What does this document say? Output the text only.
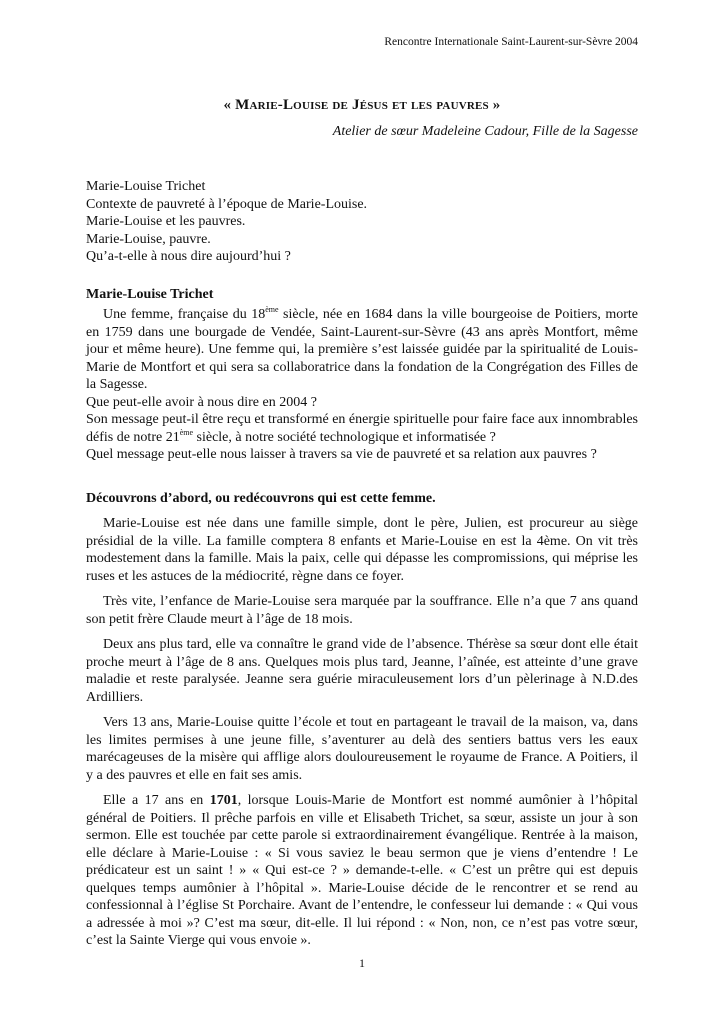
Rencontre Internationale Saint-Laurent-sur-Sèvre 2004
« Marie-Louise de Jésus et les pauvres »
Atelier de sœur Madeleine Cadour, Fille de la Sagesse
Marie-Louise Trichet
Contexte de pauvreté à l’époque de Marie-Louise.
Marie-Louise et les pauvres.
Marie-Louise, pauvre.
Qu’a-t-elle à nous dire aujourd’hui ?
Marie-Louise Trichet

Une femme, française du 18ème siècle, née en 1684 dans la ville bourgeoise de Poitiers, morte en 1759 dans une bourgade de Vendée, Saint-Laurent-sur-Sèvre (43 ans après Montfort, même jour et même heure). Une femme qui, la première s’est laissée guidée par la spiritualité de Louis-Marie de Montfort et qui sera sa collaboratrice dans la fondation de la Congrégation des Filles de la Sagesse.

Que peut-elle avoir à nous dire en 2004 ?

Son message peut-il être reçu et transformé en énergie spirituelle pour faire face aux innombrables défis de notre 21ème siècle, à notre société technologique et informatisée ?

Quel message peut-elle nous laisser à travers sa vie de pauvreté et sa relation aux pauvres ?

Découvrons d’abord, ou redécouvrons qui est cette femme.

Marie-Louise est née dans une famille simple, dont le père, Julien, est procureur au siège présidial de la ville. La famille comptera 8 enfants et Marie-Louise en est la 4ème. On vit très modestement dans la famille. Mais la paix, celle qui dépasse les compromissions, qui méprise les ruses et les astuces de la médiocrité, règne dans ce foyer.

Très vite, l’enfance de Marie-Louise sera marquée par la souffrance. Elle n’a que 7 ans quand son petit frère Claude meurt à l’âge de 18 mois.

Deux ans plus tard, elle va connaître le grand vide de l’absence. Thérèse sa sœur dont elle était proche meurt à l’âge de 8 ans. Quelques mois plus tard, Jeanne, l’aînée, est atteinte d’une grave maladie et reste paralysée. Jeanne sera guérie miraculeusement lors d’un pèlerinage à N.D.des Ardilliers.

Vers 13 ans, Marie-Louise quitte l’école et tout en partageant le travail de la maison, va, dans les limites permises à une jeune fille, s’aventurer au delà des sentiers battus vers les eaux marécageuses de la misère qui afflige alors douloureusement le royaume de France. A Poitiers, il y a des pauvres et elle en fait ses amis.

Elle a 17 ans en 1701, lorsque Louis-Marie de Montfort est nommé aumônier à l’hôpital général de Poitiers. Il prêche parfois en ville et Elisabeth Trichet, sa sœur, assiste un jour à son sermon. Elle est touchée par cette parole si extraordinairement évangélique. Rentrée à la maison, elle déclare à Marie-Louise : « Si vous saviez le beau sermon que je viens d’entendre ! Le prédicateur est un saint ! » « Qui est-ce ? » demande-t-elle. « C’est un prêtre qui est depuis quelques temps aumônier à l’hôpital ». Marie-Louise décide de le rencontrer et se rend au confessionnal à l’église St Porchaire. Avant de l’entendre, le confesseur lui demande : « Qui vous a adressée à moi »? C’est ma sœur, dit-elle. Il lui répond : « Non, non, ce n’est pas votre sœur, c’est la Sainte Vierge qui vous envoie ».

1
